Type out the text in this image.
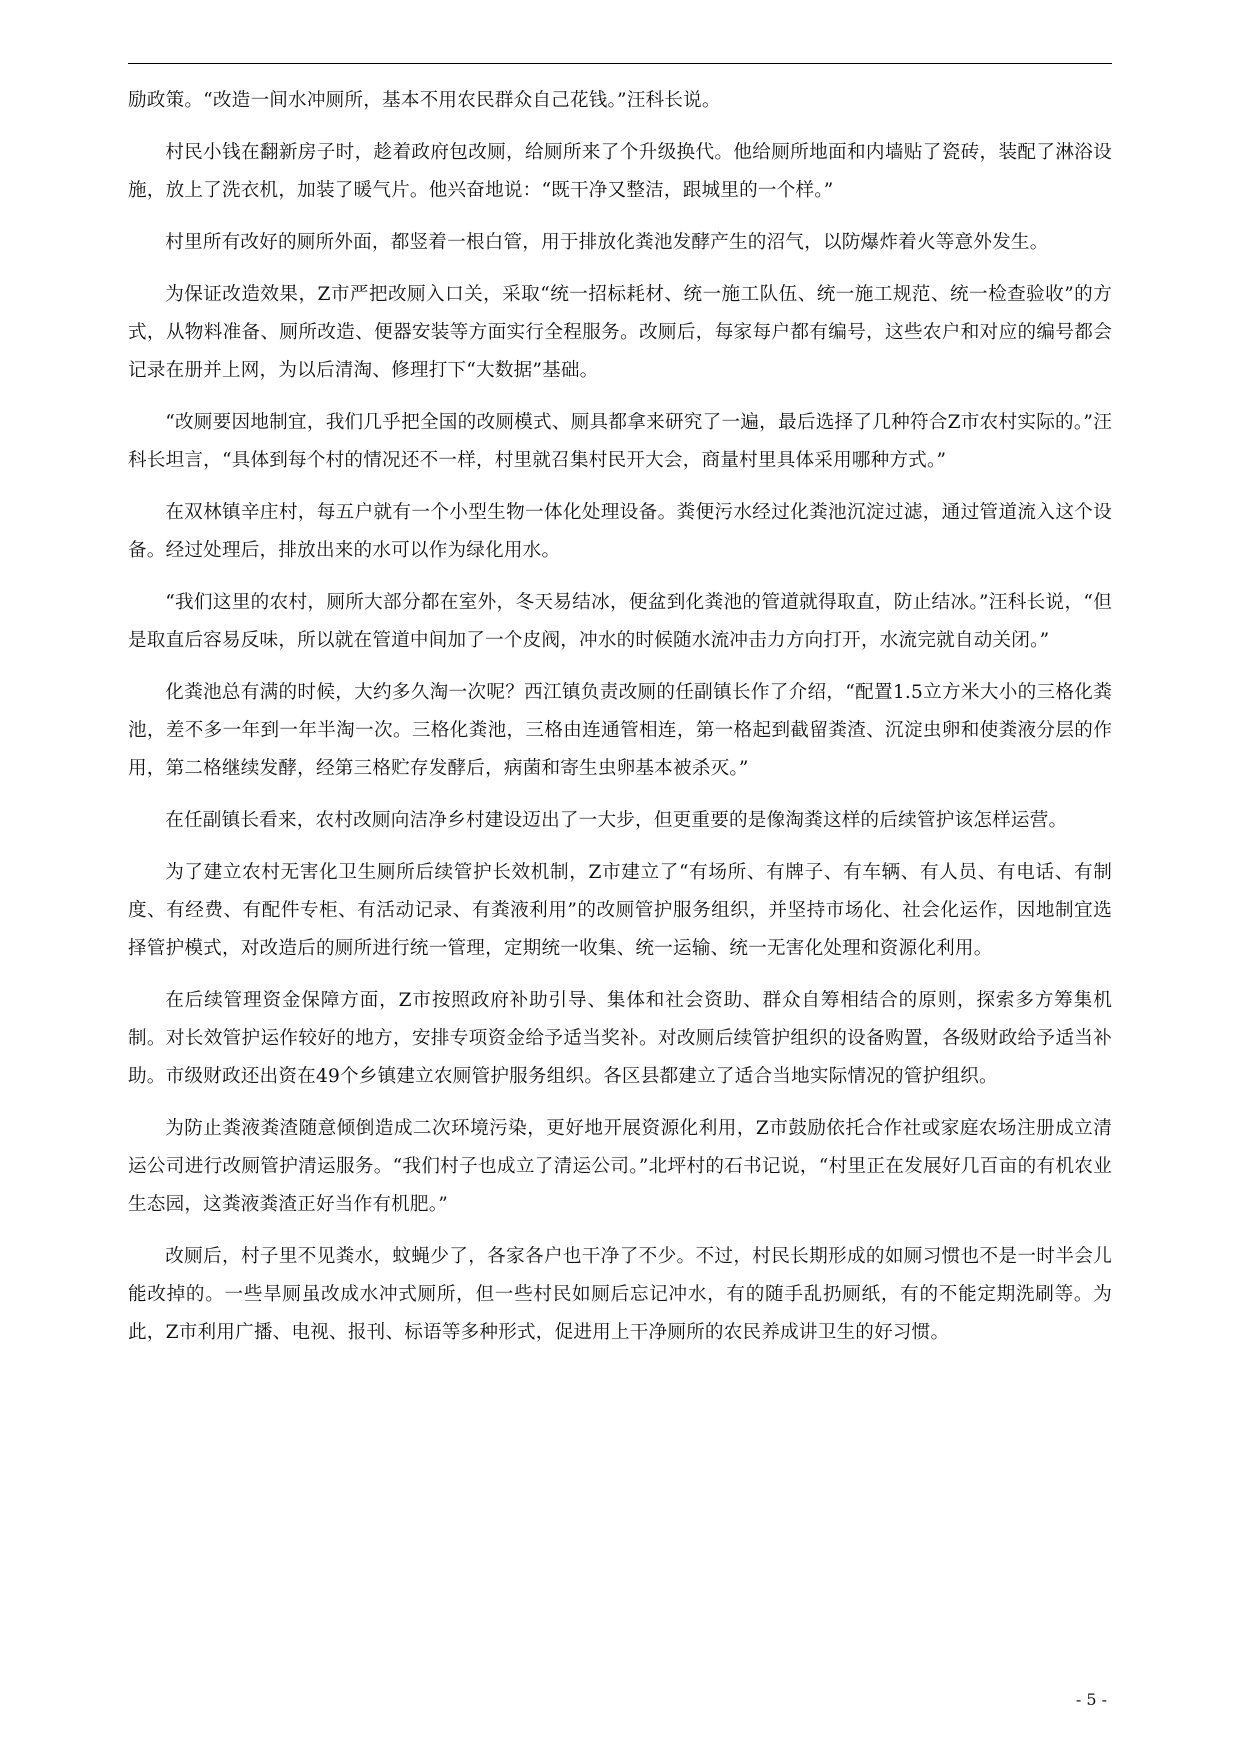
励政策。“改造一间水冲厕所，基本不用农民群众自己花钱。”汪科长说。

村民小钱在翻新房子时，趁着政府包改厕，给厕所来了个升级换代。他给厕所地面和内墙贴了瓷砖，装配了淋浴设施，放上了洗衣机，加装了暖气片。他兴奋地说：“既干净又整洁，跟城里的一个样。”

村里所有改好的厕所外面，都竖着一根白管，用于排放化粪池发酵产生的沼气，以防爆炸着火等意外发生。

为保证改造效果，Z市严把改厕入口关，采取“统一招标耗材、统一施工队伍、统一施工规范、统一检查验收”的方式，从物料准备、厕所改造、便器安装等方面实行全程服务。改厕后，每家每户都有编号，这些农户和对应的编号都会记录在册并上网，为以后清淘、修理打下“大数据”基础。

“改厕要因地制宜，我们几乎把全国的改厕模式、厕具都拿来研究了一遍，最后选择了几种符合Z市农村实际的。”汪科长坦言，“具体到每个村的情况还不一样，村里就召集村民开大会，商量村里具体采用哪种方式。”

在双林镇辛庄村，每五户就有一个小型生物一体化处理设备。粪便污水经过化粪池沉淀过滤，通过管道流入这个设备。经过处理后，排放出来的水可以作为绿化用水。

“我们这里的农村，厕所大部分都在室外，冬天易结冰，便盆到化粪池的管道就得取直，防止结冰。”汪科长说，“但是取直后容易反味，所以就在管道中间加了一个皮阀，冲水的时候随水流冲击力方向打开，水流完就自动关闭。”

化粪池总有满的时候，大约多久淘一次呢？西江镇负责改厕的任副镇长作了介绍，“配置1.5立方米大小的三格化粪池，差不多一年到一年半淘一次。三格化粪池，三格由连通管相连，第一格起到截留粪渣、沉淀虫卵和使粪液分层的作用，第二格继续发酵，经第三格贮存发酵后，病菌和寄生虫卵基本被杀灭。”

在任副镇长看来，农村改厕向洁净乡村建设迈出了一大步，但更重要的是像淘粪这样的后续管护该怎样运营。

为了建立农村无害化卫生厕所后续管护长效机制，Z市建立了“有场所、有牌子、有车辆、有人员、有电话、有制度、有经费、有配件专柜、有活动记录、有粪液利用”的改厕管护服务组织，并坚持市场化、社会化运作，因地制宜选择管护模式，对改造后的厕所进行统一管理，定期统一收集、统一运输、统一无害化处理和资源化利用。

在后续管理资金保障方面，Z市按照政府补助引导、集体和社会资助、群众自筹相结合的原则，探索多方筹集机制。对长效管护运作较好的地方，安排专项资金给予适当奖补。对改厕后续管护组织的设备购置，各级财政给予适当补助。市级财政还出资在49个乡镇建立农厕管护服务组织。各区县都建立了适合当地实际情况的管护组织。

为防止粪液粪渣随意倾倒造成二次环境污染，更好地开展资源化利用，Z市鼓励依托合作社或家庭农场注册成立清运公司进行改厕管护清运服务。“我们村子也成立了清运公司。”北坪村的石书记说，“村里正在发展好几百亩的有机农业生态园，这粪液粪渣正好当作有机肥。”

改厕后，村子里不见粪水，蚊蝇少了，各家各户也干净了不少。不过，村民长期形成的如厕习惯也不是一时半会儿能改掉的。一些旱厕虽改成水冲式厕所，但一些村民如厕后忘记冲水，有的随手乱扔厕纸，有的不能定期洗刷等。为此，Z市利用广播、电视、报刊、标语等多种形式，促进用上干净厕所的农民养成讲卫生的好习惯。

- 5 -
